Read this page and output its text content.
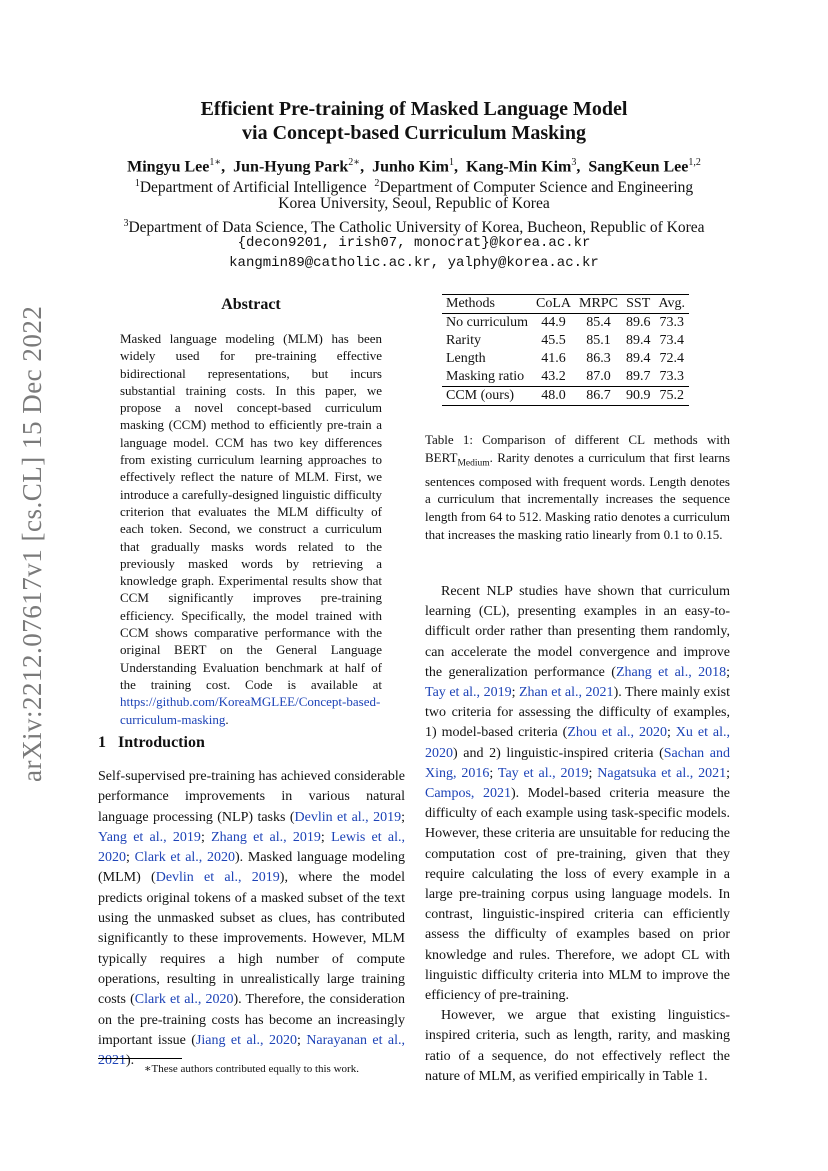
arXiv:2212.07617v1 [cs.CL] 15 Dec 2022
Efficient Pre-training of Masked Language Model
via Concept-based Curriculum Masking
Mingyu Lee$^{1∗}$,  Jun-Hyung Park$^{2∗}$,  Junho Kim$^1$,  Kang-Min Kim$^3$,  SangKeun Lee$^{1,2}$
$^1$Department of Artificial Intelligence $^2$Department of Computer Science and Engineering
Korea University, Seoul, Republic of Korea
$^3$Department of Data Science, The Catholic University of Korea, Bucheon, Republic of Korea
{decon9201, irish07, monocrat}@korea.ac.kr
kangmin89@catholic.ac.kr, yalphy@korea.ac.kr
Abstract
Masked language modeling (MLM) has been widely used for pre-training effective bidirectional representations, but incurs substantial training costs. In this paper, we propose a novel concept-based curriculum masking (CCM) method to efficiently pre-train a language model. CCM has two key differences from existing curriculum learning approaches to effectively reflect the nature of MLM. First, we introduce a carefully-designed linguistic difficulty criterion that evaluates the MLM difficulty of each token. Second, we construct a curriculum that gradually masks words related to the previously masked words by retrieving a knowledge graph. Experimental results show that CCM significantly improves pre-training efficiency. Specifically, the model trained with CCM shows comparative performance with the original BERT on the General Language Understanding Evaluation benchmark at half of the training cost. Code is available at https://github.com/KoreaMGLEE/Concept-based-curriculum-masking.
1 Introduction
Self-supervised pre-training has achieved considerable performance improvements in various natural language processing (NLP) tasks (Devlin et al., 2019; Yang et al., 2019; Zhang et al., 2019; Lewis et al., 2020; Clark et al., 2020). Masked language modeling (MLM) (Devlin et al., 2019), where the model predicts original tokens of a masked subset of the text using the unmasked subset as clues, has contributed significantly to these improvements. However, MLM typically requires a high number of compute operations, resulting in unrealistically large training costs (Clark et al., 2020). Therefore, the consideration on the pre-training costs has become an increasingly important issue (Jiang et al., 2020; Narayanan et al., 2021).
∗These authors contributed equally to this work.
Methods	CoLA	MRPC	SST	Avg.
No curriculum	44.9	85.4	89.6	73.3
Rarity	45.5	85.1	89.4	73.4
Length	41.6	86.3	89.4	72.4
Masking ratio	43.2	87.0	89.7	73.3
CCM (ours)	48.0	86.7	90.9	75.2
Table 1: Comparison of different CL methods with $BERT_{Medium}$. Rarity denotes a curriculum that first learns sentences composed with frequent words. Length denotes a curriculum that incrementally increases the sequence length from 64 to 512. Masking ratio denotes a curriculum that increases the masking ratio linearly from 0.1 to 0.15.

Recent NLP studies have shown that curriculum learning (CL), presenting examples in an easy-to-difficult order rather than presenting them randomly, can accelerate the model convergence and improve the generalization performance (Zhang et al., 2018; Tay et al., 2019; Zhan et al., 2021). There mainly exist two criteria for assessing the difficulty of examples, 1) model-based criteria (Zhou et al., 2020; Xu et al., 2020) and 2) linguistic-inspired criteria (Sachan and Xing, 2016; Tay et al., 2019; Nagatsuka et al., 2021; Campos, 2021). Model-based criteria measure the difficulty of each example using task-specific models. However, these criteria are unsuitable for reducing the computation cost of pre-training, given that they require calculating the loss of every example in a large pre-training corpus using language models. In contrast, linguistic-inspired criteria can efficiently assess the difficulty of examples based on prior knowledge and rules. Therefore, we adopt CL with linguistic difficulty criteria into MLM to improve the efficiency of pre-training.

However, we argue that existing linguistics-inspired criteria, such as length, rarity, and masking ratio of a sequence, do not effectively reflect the nature of MLM, as verified empirically in Table 1.
